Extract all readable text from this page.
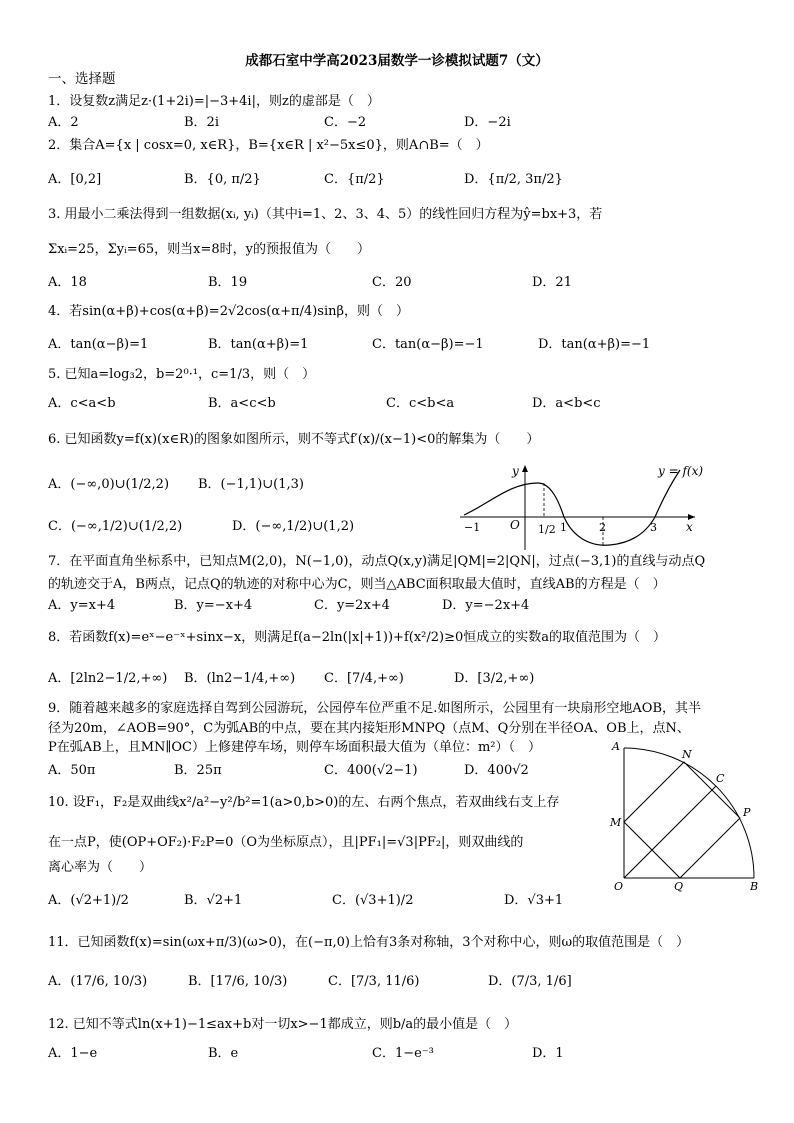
成都石室中学高2023届数学一诊模拟试题7（文）
一、选择题
1．设复数z满足z·(1+2i)=|−3+4i|，则z的虚部是（　）
A．2	B．2i	C．−2	D．−2i
2．集合A={x | cosx=0, x∈R}，B={x∈R | x²−5x≤0}，则A∩B=（　）
A．[0,2]	B．{0, π/2}	C．{π/2}	D．{π/2, 3π/2}
3. 用最小二乘法得到一组数据(xᵢ, yᵢ)（其中i=1、2、3、4、5）的线性回归方程为ŷ=bx+3，若
Σxᵢ=25，Σyᵢ=65，则当x=8时，y的预报值为（　　）
A．18	B．19	C．20	D．21
4．若sin(α+β)+cos(α+β)=2√2cos(α+π/4)sinβ，则（　）
A．tan(α−β)=1	B．tan(α+β)=1	C．tan(α−β)=−1	D．tan(α+β)=−1
5. 已知a=log₃2，b=2⁰·¹，c=1/3，则（　）
A．c<a<b	B．a<c<b	C．c<b<a	D．a<b<c
6. 已知函数y=f(x)(x∈R)的图象如图所示，则不等式f′(x)/(x−1)<0的解集为（　　）
A．(−∞,0)∪(1/2,2) B．(−1,1)∪(1,3)
C．(−∞,1/2)∪(1/2,2)	D．(−∞,1/2)∪(1,2)	x
y
O
y = f(x)
−1	1/2 1	2	3
7．在平面直角坐标系中，已知点M(2,0)，N(−1,0)，动点Q(x,y)满足|QM|=2|QN|，过点(−3,1)的直线与动点Q
的轨迹交于A，B两点，记点Q的轨迹的对称中心为C，则当△ABC面积取最大值时，直线AB的方程是（　）
A．y=x+4	B．y=−x+4	C．y=2x+4	D．y=−2x+4
8．若函数f(x)=eˣ−e⁻ˣ+sinx−x，则满足f(a−2ln(|x|+1))+f(x²/2)≥0恒成立的实数a的取值范围为（　）
A．[2ln2−1/2,+∞) B．(ln2−1/4,+∞) C．[7/4,+∞)	D．[3/2,+∞)
9．随着越来越多的家庭选择自驾到公园游玩，公园停车位严重不足.如图所示，公园里有一块扇形空地AOB，其半
径为20m，∠AOB=90°，C为弧AB的中点，要在其内接矩形MNPQ（点M、Q分别在半径OA、OB上，点N、
P在弧AB上，且MN∥OC）上修建停车场，则停车场面积最大值为（单位：m²）（　）
A．50π	B．25π	C．400(√2−1)	D．400√2
A
N
C
P
M
O	Q	B
10. 设F₁，F₂是双曲线x²/a²−y²/b²=1(a>0,b>0)的左、右两个焦点，若双曲线右支上存
在一点P，使(OP+OF₂)·F₂P=0（O为坐标原点），且|PF₁|=√3|PF₂|，则双曲线的
离心率为（　　）
A．(√2+1)/2	B．√2+1	C．(√3+1)/2	D．√3+1
11．已知函数f(x)=sin(ωx+π/3)(ω>0)，在(−π,0)上恰有3条对称轴，3个对称中心，则ω的取值范围是（　）
A．(17/6, 10/3)	B．[17/6, 10/3)	C．[7/3, 11/6)	D．(7/3, 1/6]
12. 已知不等式ln(x+1)−1≤ax+b对一切x>−1都成立，则b/a的最小值是（　）
A．1−e	B．e	C．1−e⁻³	D．1
